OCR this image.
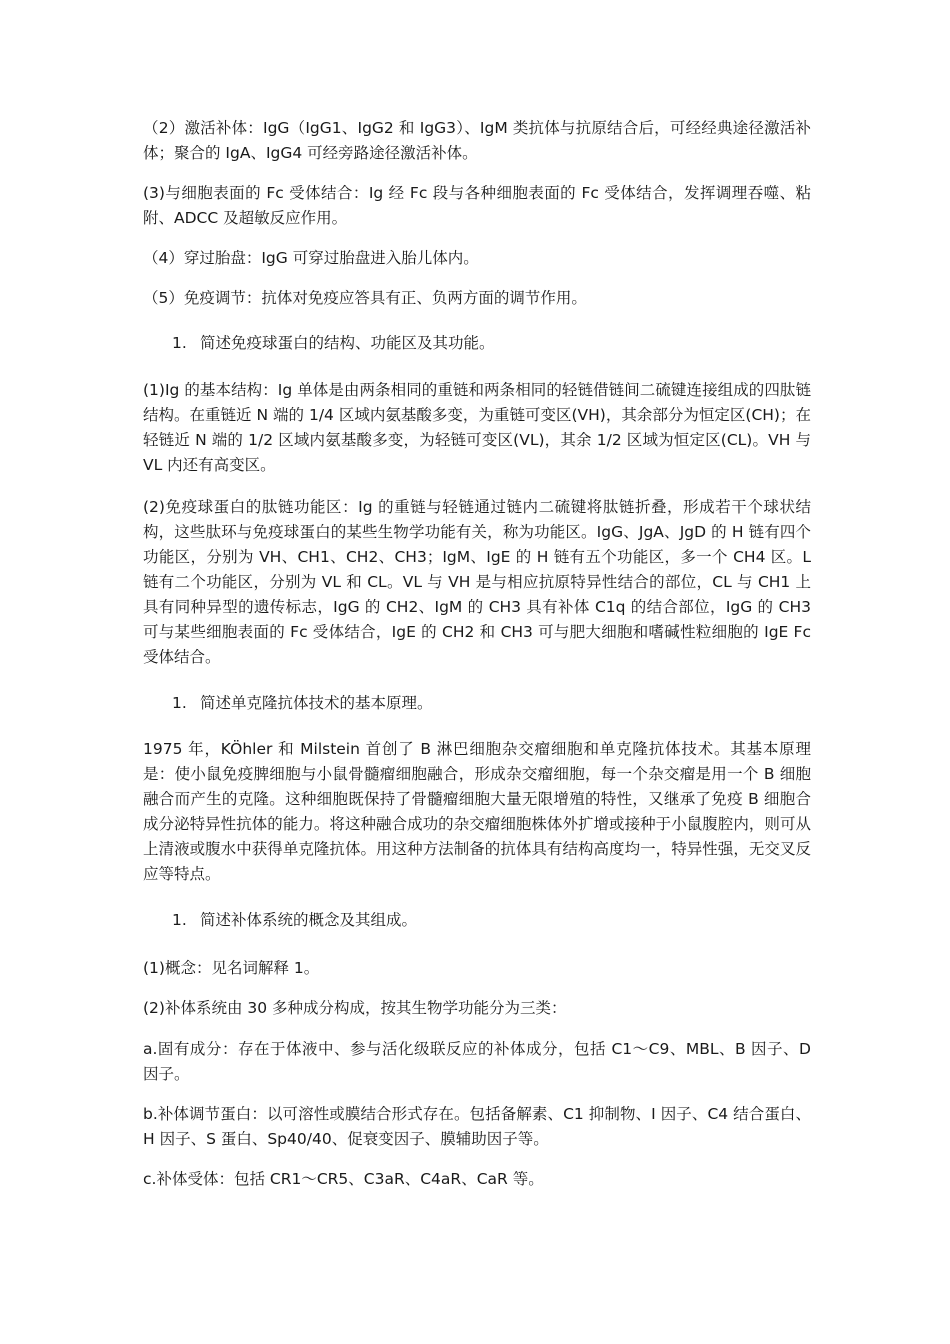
（2）激活补体：IgG（IgG1、IgG2 和 IgG3）、IgM 类抗体与抗原结合后，可经经典途径激活补体；聚合的 IgA、IgG4 可经旁路途径激活补体。

(3)与细胞表面的 Fc 受体结合：Ig 经 Fc 段与各种细胞表面的 Fc 受体结合，发挥调理吞噬、粘附、ADCC 及超敏反应作用。

（4）穿过胎盘：IgG 可穿过胎盘进入胎儿体内。

（5）免疫调节：抗体对免疫应答具有正、负两方面的调节作用。

1. 简述免疫球蛋白的结构、功能区及其功能。

(1)Ig 的基本结构：Ig 单体是由两条相同的重链和两条相同的轻链借链间二硫键连接组成的四肽链结构。在重链近 N 端的 1/4 区域内氨基酸多变，为重链可变区(VH)，其余部分为恒定区(CH)；在轻链近 N 端的 1/2 区域内氨基酸多变，为轻链可变区(VL)，其余 1/2 区域为恒定区(CL)。VH 与 VL 内还有高变区。

(2)免疫球蛋白的肽链功能区：Ig 的重链与轻链通过链内二硫键将肽链折叠，形成若干个球状结构，这些肽环与免疫球蛋白的某些生物学功能有关，称为功能区。IgG、JgA、JgD 的 H 链有四个功能区，分别为 VH、CH1、CH2、CH3；IgM、IgE 的 H 链有五个功能区，多一个 CH4 区。L 链有二个功能区，分别为 VL 和 CL。VL 与 VH 是与相应抗原特异性结合的部位，CL 与 CH1 上具有同种异型的遗传标志，IgG 的 CH2、IgM 的 CH3 具有补体 C1q 的结合部位，IgG 的 CH3 可与某些细胞表面的 Fc 受体结合，IgE 的 CH2 和 CH3 可与肥大细胞和嗜碱性粒细胞的 IgE Fc 受体结合。

1. 简述单克隆抗体技术的基本原理。

1975 年，KÖhler 和 Milstein 首创了 B 淋巴细胞杂交瘤细胞和单克隆抗体技术。其基本原理是：使小鼠免疫脾细胞与小鼠骨髓瘤细胞融合，形成杂交瘤细胞，每一个杂交瘤是用一个 B 细胞融合而产生的克隆。这种细胞既保持了骨髓瘤细胞大量无限增殖的特性，又继承了免疫 B 细胞合成分泌特异性抗体的能力。将这种融合成功的杂交瘤细胞株体外扩增或接种于小鼠腹腔内，则可从上清液或腹水中获得单克隆抗体。用这种方法制备的抗体具有结构高度均一，特异性强，无交叉反应等特点。

1. 简述补体系统的概念及其组成。

(1)概念：见名词解释 1。

(2)补体系统由 30 多种成分构成，按其生物学功能分为三类：

a.固有成分：存在于体液中、参与活化级联反应的补体成分，包括 C1～C9、MBL、B 因子、D 因子。

b.补体调节蛋白：以可溶性或膜结合形式存在。包括备解素、C1 抑制物、I 因子、C4 结合蛋白、H 因子、S 蛋白、Sp40/40、促衰变因子、膜辅助因子等。

c.补体受体：包括 CR1～CR5、C3aR、C4aR、CaR 等。
